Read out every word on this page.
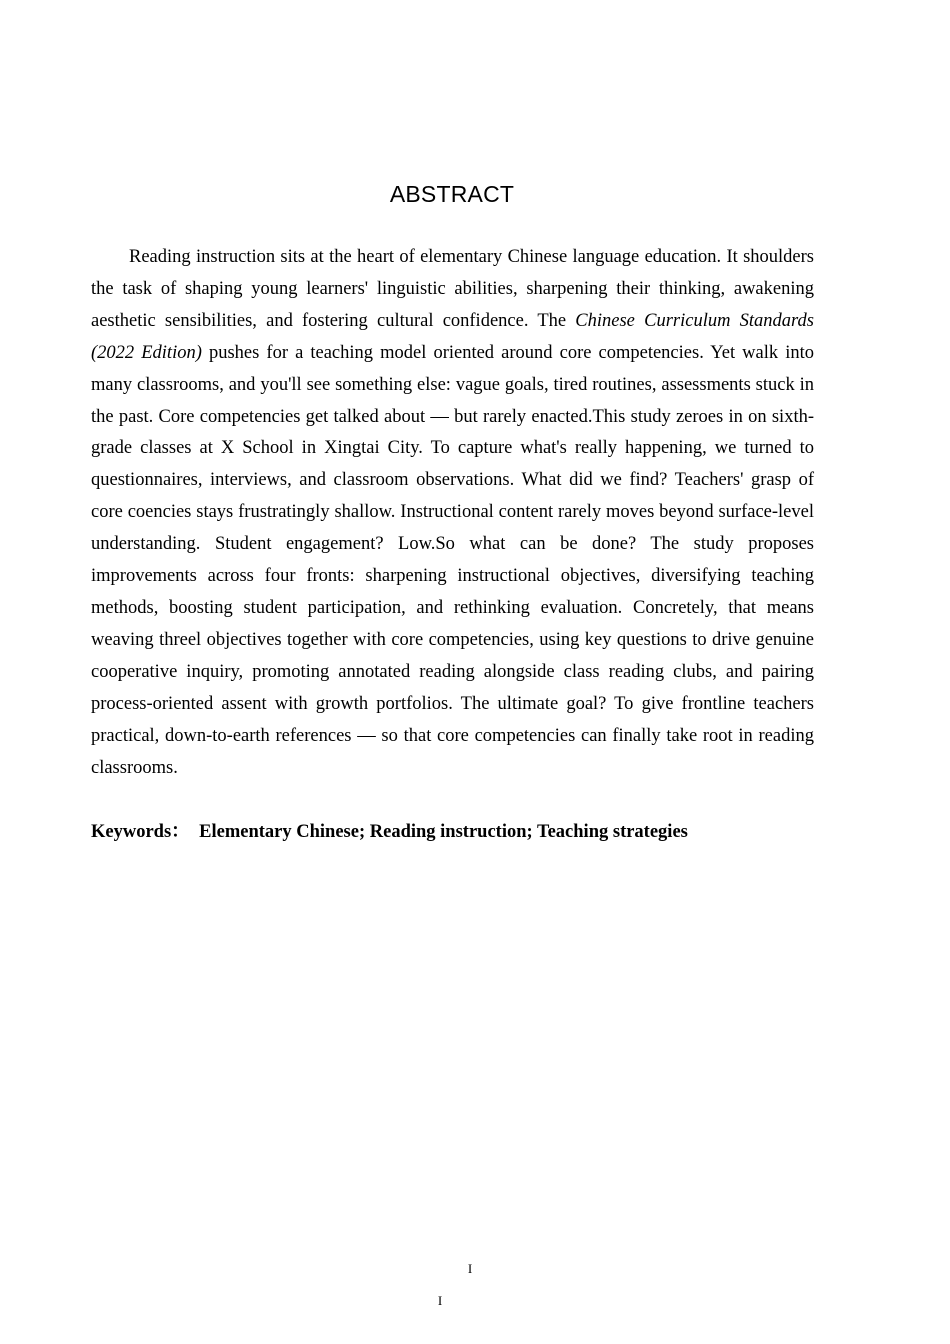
ABSTRACT

Reading instruction sits at the heart of elementary Chinese language education. It shoulders the task of shaping young learners' linguistic abilities, sharpening their thinking, awakening aesthetic sensibilities, and fostering cultural confidence. The Chinese Curriculum Standards (2022 Edition) pushes for a teaching model oriented around core competencies. Yet walk into many classrooms, and you'll see something else: vague goals, tired routines, assessments stuck in the past. Core competencies get talked about — but rarely enacted.This study zeroes in on sixth-grade classes at X School in Xingtai City. To capture what's really happening, we turned to questionnaires, interviews, and classroom observations. What did we find? Teachers' grasp of core coencies stays frustratingly shallow. Instructional content rarely moves beyond surface-level understanding. Student engagement? Low.So what can be done? The study proposes improvements across four fronts: sharpening instructional objectives, diversifying teaching methods, boosting student participation, and rethinking evaluation. Concretely, that means weaving threel objectives together with core competencies, using key questions to drive genuine cooperative inquiry, promoting annotated reading alongside class reading clubs, and pairing process-oriented assent with growth portfolios. The ultimate goal? To give frontline teachers practical, down-to-earth references — so that core competencies can finally take root in reading classrooms.

Keywords： Elementary Chinese; Reading instruction; Teaching strategies
I
I
